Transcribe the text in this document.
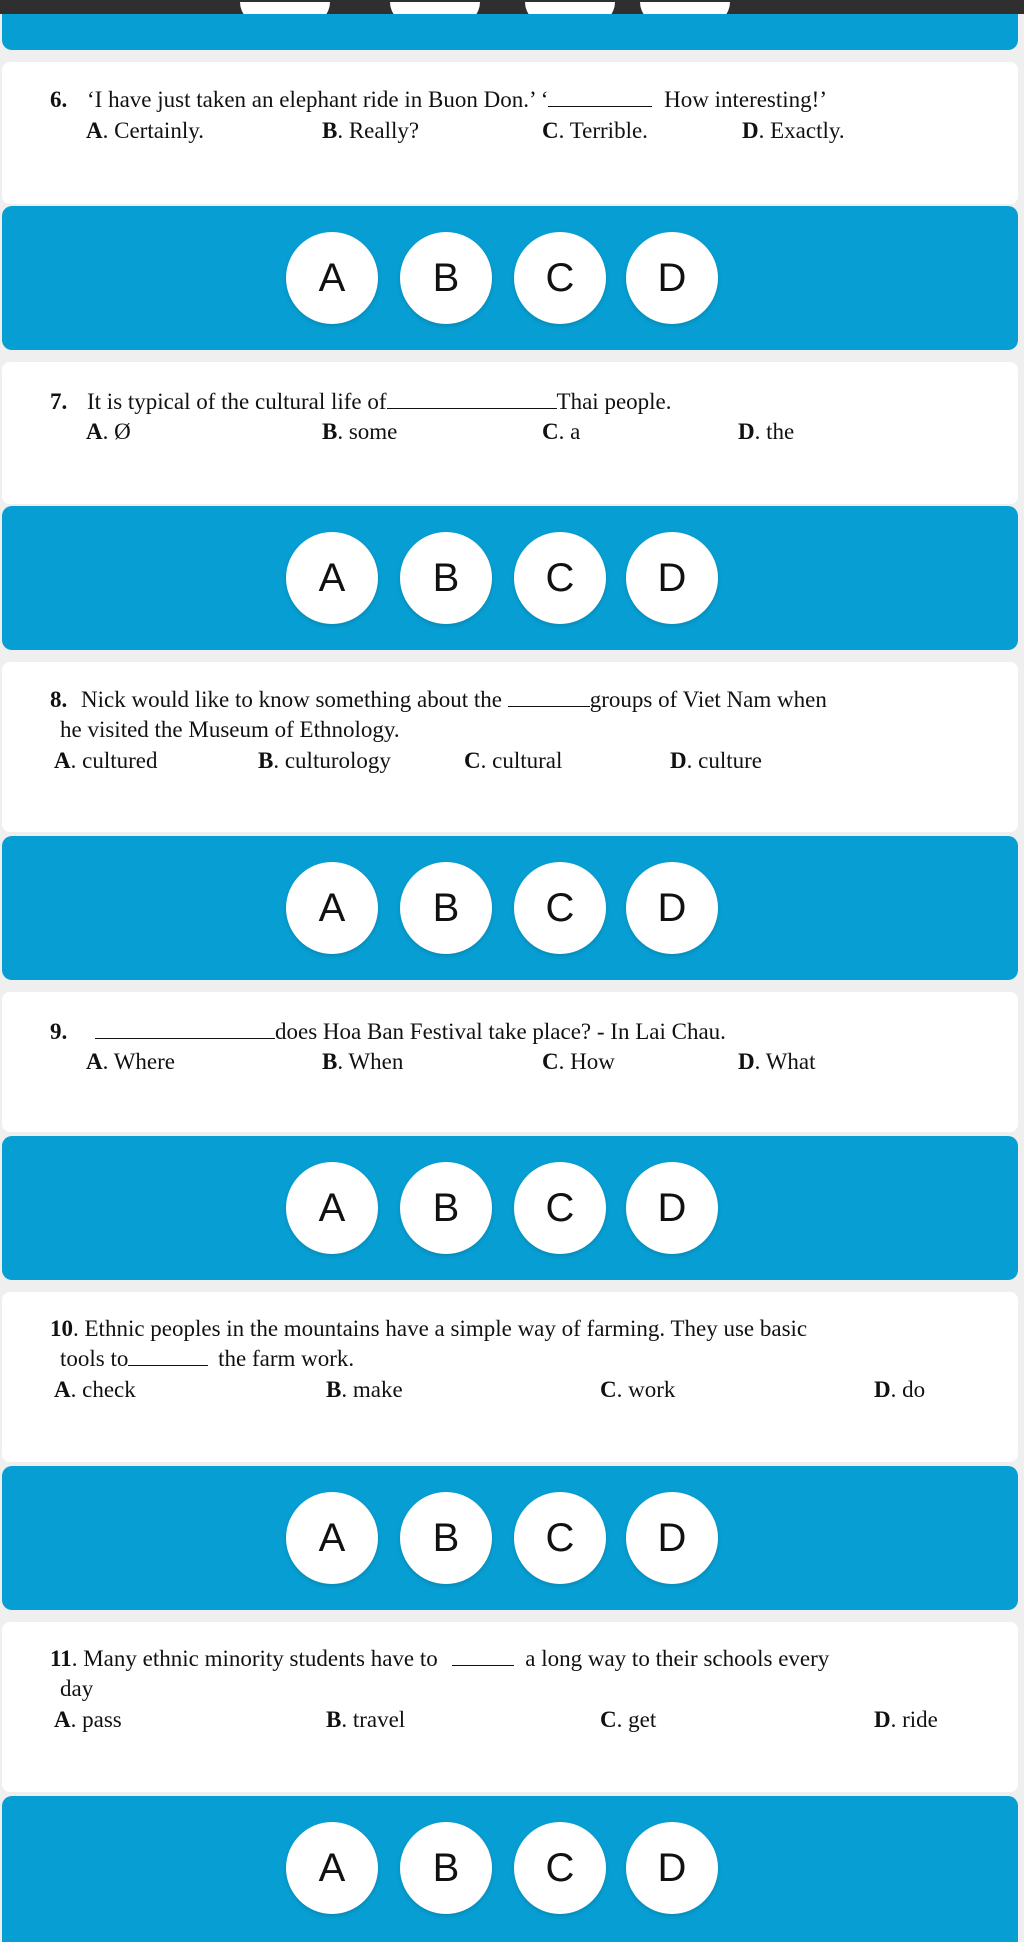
6. ‘I have just taken an elephant ride in Buon Don.’ ‘	How interesting!’
A. Certainly.	B. Really?	C. Terrible.	D. Exactly.
A	B	C	D
7. It is typical of the cultural life of	Thai people.
A. Ø	B. some	C. a	D. the
A	B	C	D
8. Nick would like to know something about the	groups of Viet Nam when
he visited the Museum of Ethnology.
A. cultured	B. culturology	C. cultural	D. culture
A	B	C	D
9.	does Hoa Ban Festival take place? - In Lai Chau.
A. Where	B. When	C. How	D. What
A	B	C	D
10. Ethnic peoples in the mountains have a simple way of farming. They use basic
tools to	the farm work.
A. check	B. make	C. work	D. do
A	B	C	D
11. Many ethnic minority students have to	a long way to their schools every
day
A. pass	B. travel	C. get	D. ride
A	B	C	D
